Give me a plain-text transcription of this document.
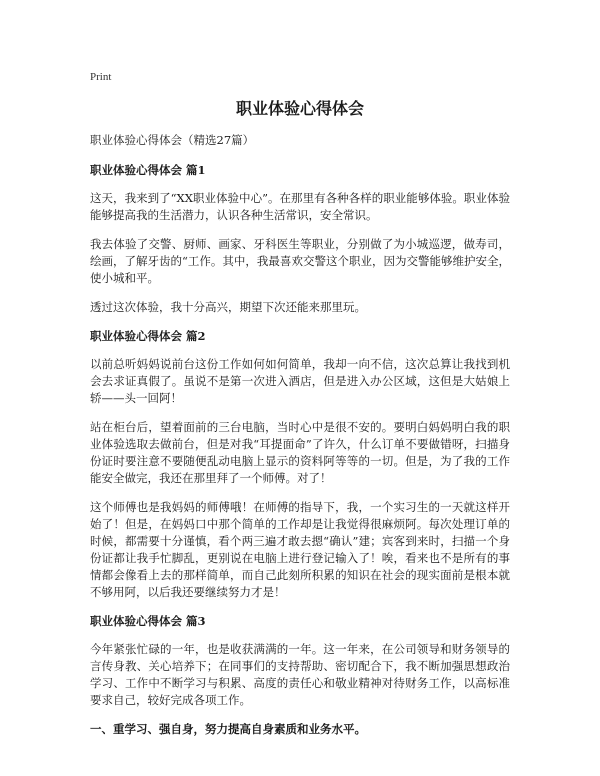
Print
职业体验心得体会
职业体验心得体会（精选27篇）
职业体验心得体会 篇1

这天，我来到了“XX职业体验中心”。在那里有各种各样的职业能够体验。职业体验能够提高我的生活潜力，认识各种生活常识，安全常识。

我去体验了交警、厨师、画家、牙科医生等职业，分别做了为小城巡逻，做寿司，绘画，了解牙齿的“工作。其中，我最喜欢交警这个职业，因为交警能够维护安全，使小城和平。

透过这次体验，我十分高兴，期望下次还能来那里玩。

职业体验心得体会 篇2

以前总听妈妈说前台这份工作如何如何简单，我却一向不信，这次总算让我找到机会去求证真假了。虽说不是第一次进入酒店，但是进入办公区域，这但是大姑娘上轿——头一回阿！

站在柜台后，望着面前的三台电脑，当时心中是很不安的。要明白妈妈明白我的职业体验选取去做前台，但是对我“耳提面命”了许久，什么订单不要做错呀，扫描身份证时要注意不要随便乱动电脑上显示的资料阿等等的一切。但是，为了我的工作能安全做完，我还在那里拜了一个师傅。对了！

这个师傅也是我妈妈的师傅哦！在师傅的指导下，我，一个实习生的一天就这样开始了！但是，在妈妈口中那个简单的工作却是让我觉得很麻烦阿。每次处理订单的时候，都需要十分谨慎，看个两三遍才敢去摁“确认”建；宾客到来时，扫描一个身份证都让我手忙脚乱，更别说在电脑上进行登记输入了！唉，看来也不是所有的事情都会像看上去的那样简单，而自己此刻所积累的知识在社会的现实面前是根本就不够用阿，以后我还要继续努力才是！

职业体验心得体会 篇3

今年紧张忙碌的一年，也是收获满满的一年。这一年来，在公司领导和财务领导的言传身教、关心培养下；在同事们的支持帮助、密切配合下，我不断加强思想政治学习、工作中不断学习与积累、高度的责任心和敬业精神对待财务工作，以高标准要求自己，较好完成各项工作。

一、重学习、强自身，努力提高自身素质和业务水平。
